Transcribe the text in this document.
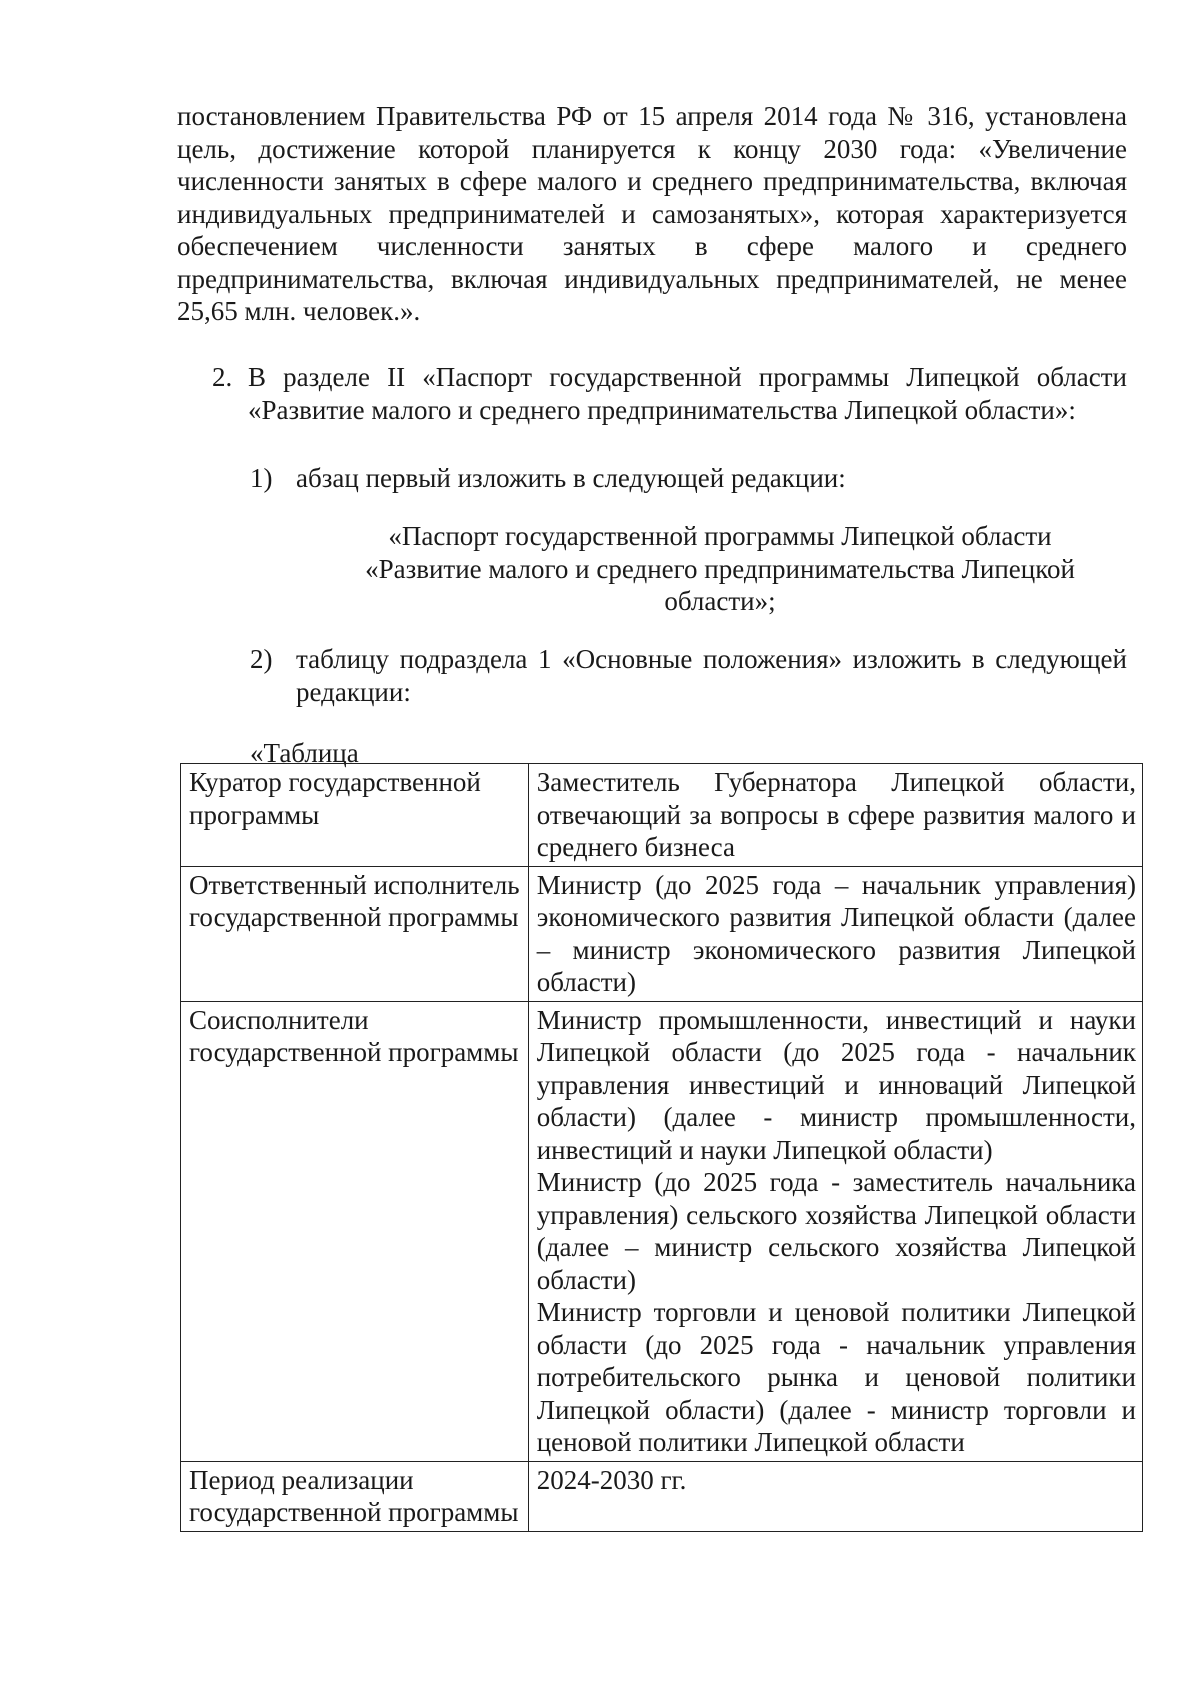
постановлением Правительства РФ от 15 апреля 2014 года № 316, установлена цель, достижение которой планируется к концу 2030 года: «Увеличение численности занятых в сфере малого и среднего предпринимательства, включая индивидуальных предпринимателей и самозанятых», которая характеризуется обеспечением численности занятых в сфере малого и среднего предпринимательства, включая индивидуальных предпринимателей, не менее 25,65 млн. человек.».

2. В разделе II «Паспорт государственной программы Липецкой области «Развитие малого и среднего предпринимательства Липецкой области»:
1) абзац первый изложить в следующей редакции:
«Паспорт государственной программы Липецкой области
«Развитие малого и среднего предпринимательства Липецкой
области»;
2) таблицу подраздела 1 «Основные положения» изложить в следующей редакции:
«Таблица
Куратор государственной программы	Заместитель Губернатора Липецкой области, отвечающий за вопросы в сфере развития малого и среднего бизнеса

Ответственный исполнитель государственной программы	Министр (до 2025 года – начальник управления) экономического развития Липецкой области (далее – министр экономического развития Липецкой области)

Соисполнители государственной программы	Министр промышленности, инвестиций и науки Липецкой области (до 2025 года - начальник управления инвестиций и инноваций Липецкой области) (далее - министр промышленности, инвестиций и науки Липецкой области)
Министр (до 2025 года - заместитель начальника управления) сельского хозяйства Липецкой области (далее – министр сельского хозяйства Липецкой области)
Министр торговли и ценовой политики Липецкой области (до 2025 года - начальник управления потребительского рынка и ценовой политики Липецкой области) (далее - министр торговли и ценовой политики Липецкой области

Период реализации государственной программы	2024-2030 гг.
